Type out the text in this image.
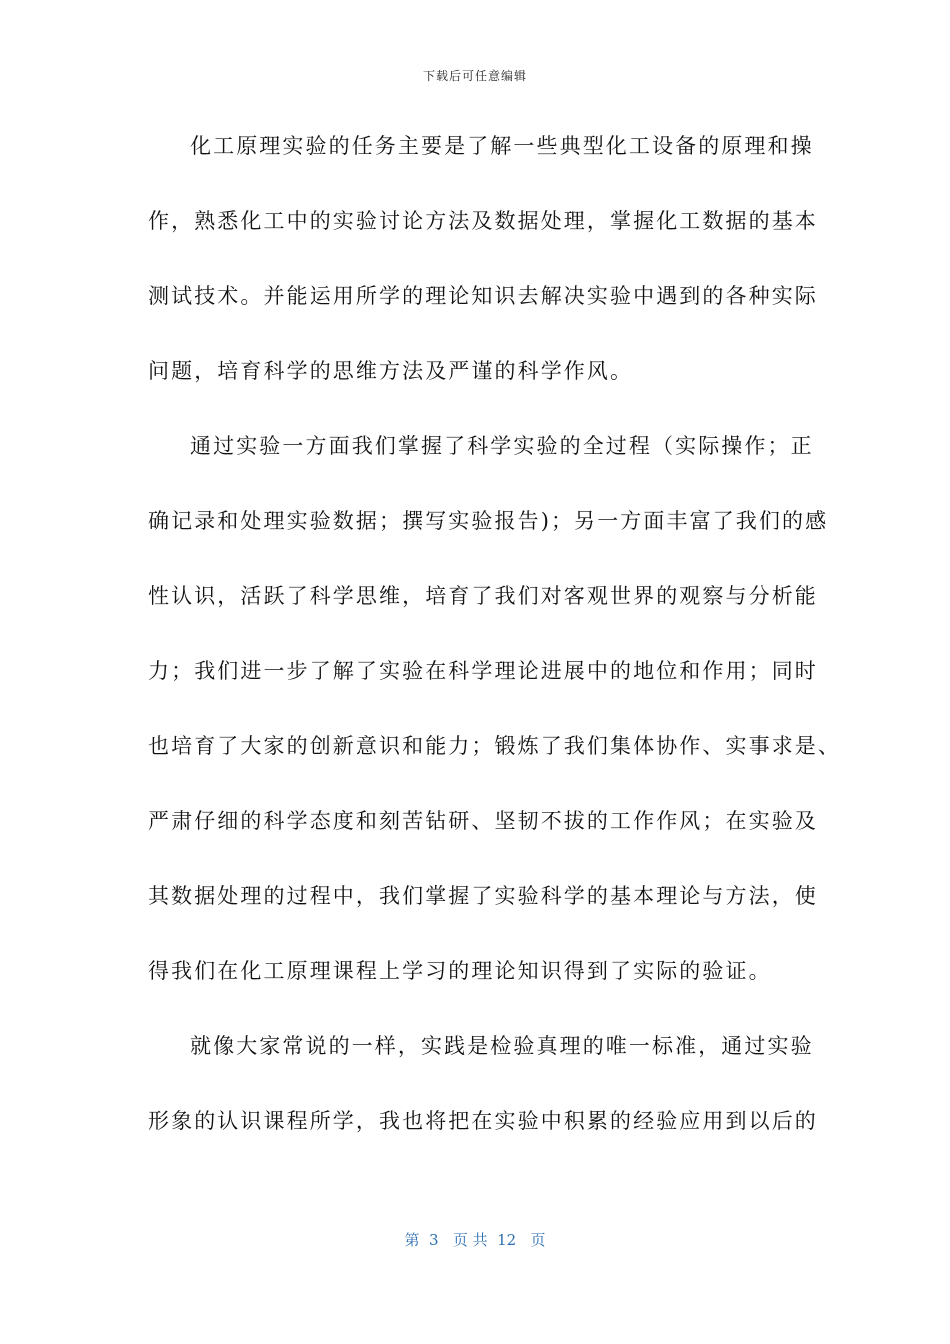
下载后可任意编辑
化工原理实验的任务主要是了解一些典型化工设备的原理和操
作，熟悉化工中的实验讨论方法及数据处理，掌握化工数据的基本
测试技术。并能运用所学的理论知识去解决实验中遇到的各种实际
问题，培育科学的思维方法及严谨的科学作风。
通过实验一方面我们掌握了科学实验的全过程（实际操作；正
确记录和处理实验数据；撰写实验报告)；另一方面丰富了我们的感
性认识，活跃了科学思维，培育了我们对客观世界的观察与分析能
力；我们进一步了解了实验在科学理论进展中的地位和作用；同时
也培育了大家的创新意识和能力；锻炼了我们集体协作、实事求是、
严肃仔细的科学态度和刻苦钻研、坚韧不拔的工作作风；在实验及
其数据处理的过程中，我们掌握了实验科学的基本理论与方法，使
得我们在化工原理课程上学习的理论知识得到了实际的验证。
就像大家常说的一样，实践是检验真理的唯一标准，通过实验
形象的认识课程所学，我也将把在实验中积累的经验应用到以后的
第  3   页 共  12   页
